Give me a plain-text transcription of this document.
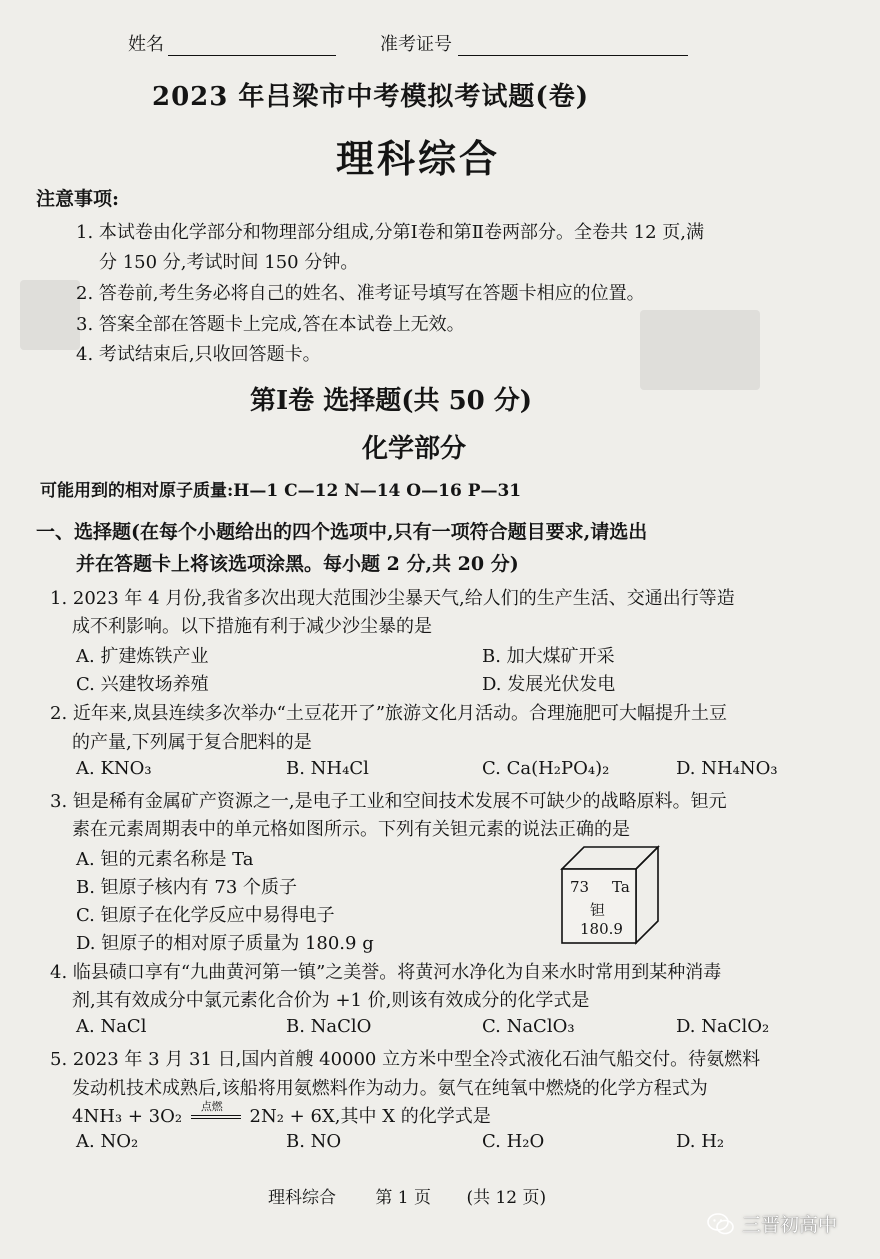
姓名	准考证号
2023 年吕梁市中考模拟考试题(卷)
理科综合
注意事项:
1. 本试卷由化学部分和物理部分组成,分第Ⅰ卷和第Ⅱ卷两部分。全卷共 12 页,满
分 150 分,考试时间 150 分钟。
2. 答卷前,考生务必将自己的姓名、准考证号填写在答题卡相应的位置。
3. 答案全部在答题卡上完成,答在本试卷上无效。
4. 考试结束后,只收回答题卡。
第Ⅰ卷 选择题(共 50 分)
化学部分
可能用到的相对原子质量:H—1 C—12 N—14 O—16 P—31
一、选择题(在每个小题给出的四个选项中,只有一项符合题目要求,请选出
并在答题卡上将该选项涂黑。每小题 2 分,共 20 分)
1. 2023 年 4 月份,我省多次出现大范围沙尘暴天气,给人们的生产生活、交通出行等造
成不利影响。以下措施有利于减少沙尘暴的是
A. 扩建炼铁产业	B. 加大煤矿开采
C. 兴建牧场养殖	D. 发展光伏发电
2. 近年来,岚县连续多次举办“土豆花开了”旅游文化月活动。合理施肥可大幅提升土豆
的产量,下列属于复合肥料的是
A. KNO₃	B. NH₄Cl	C. Ca(H₂PO₄)₂	D. NH₄NO₃
3. 钽是稀有金属矿产资源之一,是电子工业和空间技术发展不可缺少的战略原料。钽元
素在元素周期表中的单元格如图所示。下列有关钽元素的说法正确的是
A. 钽的元素名称是 Ta
B. 钽原子核内有 73 个质子
C. 钽原子在化学反应中易得电子
D. 钽原子的相对原子质量为 180.9 g
73 Ta
钽
180.9
4. 临县碛口享有“九曲黄河第一镇”之美誉。将黄河水净化为自来水时常用到某种消毒
剂,其有效成分中氯元素化合价为 +1 价,则该有效成分的化学式是
A. NaCl	B. NaClO	C. NaClO₃	D. NaClO₂
5. 2023 年 3 月 31 日,国内首艘 40000 立方米中型全冷式液化石油气船交付。待氨燃料
发动机技术成熟后,该船将用氨燃料作为动力。氨气在纯氧中燃烧的化学方程式为
4NH₃ + 3O₂ 点燃 2N₂ + 6X,其中 X 的化学式是
A. NO₂	B. NO	C. H₂O	D. H₂
理科综合 第 1 页 (共 12 页)
三晋初高中
